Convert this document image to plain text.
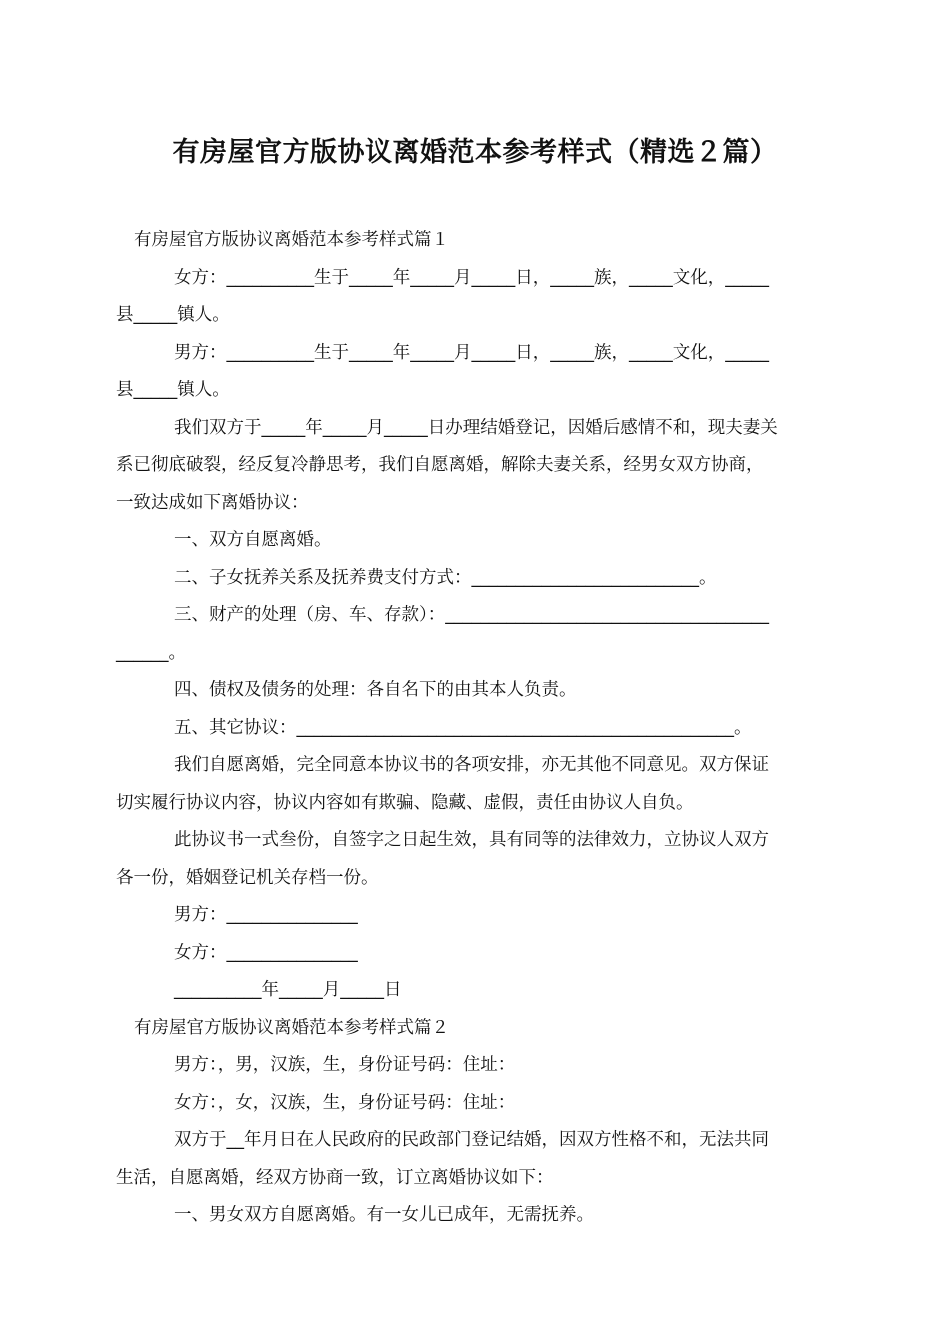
有房屋官方版协议离婚范本参考样式（精选２篇）

有房屋官方版协议离婚范本参考样式篇１

女方：__________生于_____年_____月_____日，_____族，_____文化，_____

县_____镇人。

男方：__________生于_____年_____月_____日，_____族，_____文化，_____

县_____镇人。

我们双方于_____年_____月_____日办理结婚登记，因婚后感情不和，现夫妻关

系已彻底破裂，经反复冷静思考，我们自愿离婚，解除夫妻关系，经男女双方协商，

一致达成如下离婚协议：

一、双方自愿离婚。

二、子女抚养关系及抚养费支付方式：__________________________。

三、财产的处理（房、车、存款）：_____________________________________

______。

四、债权及债务的处理：各自名下的由其本人负责。

五、其它协议：__________________________________________________。

我们自愿离婚，完全同意本协议书的各项安排，亦无其他不同意见。双方保证

切实履行协议内容，协议内容如有欺骗、隐藏、虚假，责任由协议人自负。

此协议书一式叁份，自签字之日起生效，具有同等的法律效力，立协议人双方

各一份，婚姻登记机关存档一份。

男方：_______________

女方：_______________

__________年_____月_____日

有房屋官方版协议离婚范本参考样式篇２

男方：，男，汉族，生，身份证号码：住址：

女方：，女，汉族，生，身份证号码：住址：

双方于__年月日在人民政府的民政部门登记结婚，因双方性格不和，无法共同

生活，自愿离婚，经双方协商一致，订立离婚协议如下：

一、男女双方自愿离婚。有一女儿已成年，无需抚养。
